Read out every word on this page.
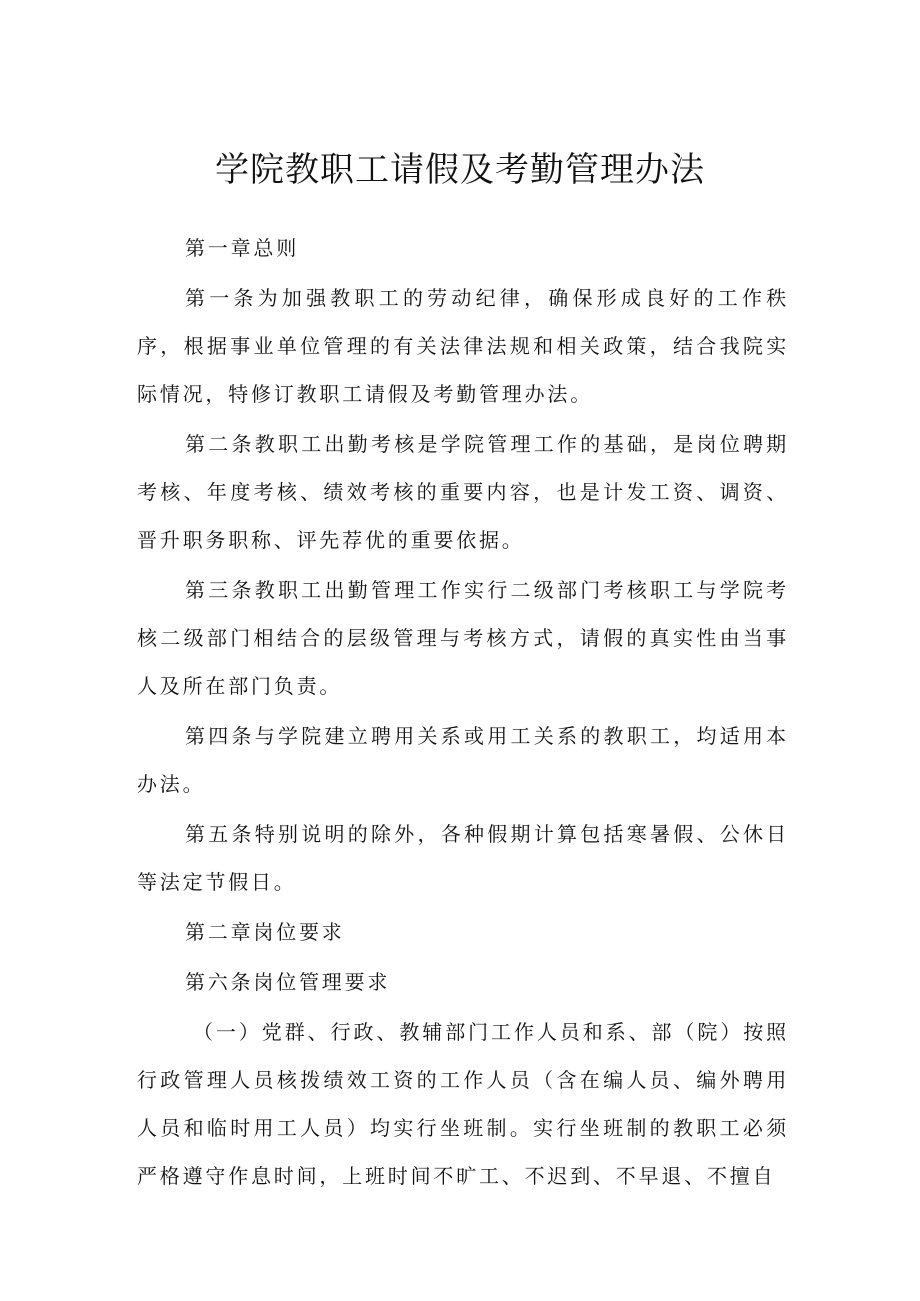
学院教职工请假及考勤管理办法

第一章总则

第一条为加强教职工的劳动纪律，确保形成良好的工作秩序，根据事业单位管理的有关法律法规和相关政策，结合我院实际情况，特修订教职工请假及考勤管理办法。

第二条教职工出勤考核是学院管理工作的基础，是岗位聘期考核、年度考核、绩效考核的重要内容，也是计发工资、调资、晋升职务职称、评先荐优的重要依据。

第三条教职工出勤管理工作实行二级部门考核职工与学院考核二级部门相结合的层级管理与考核方式，请假的真实性由当事人及所在部门负责。

第四条与学院建立聘用关系或用工关系的教职工，均适用本办法。

第五条特别说明的除外，各种假期计算包括寒暑假、公休日等法定节假日。

第二章岗位要求

第六条岗位管理要求

（一）党群、行政、教辅部门工作人员和系、部（院）按照行政管理人员核拨绩效工资的工作人员（含在编人员、编外聘用人员和临时用工人员）均实行坐班制。实行坐班制的教职工必须严格遵守作息时间，上班时间不旷工、不迟到、不早退、不擅自
